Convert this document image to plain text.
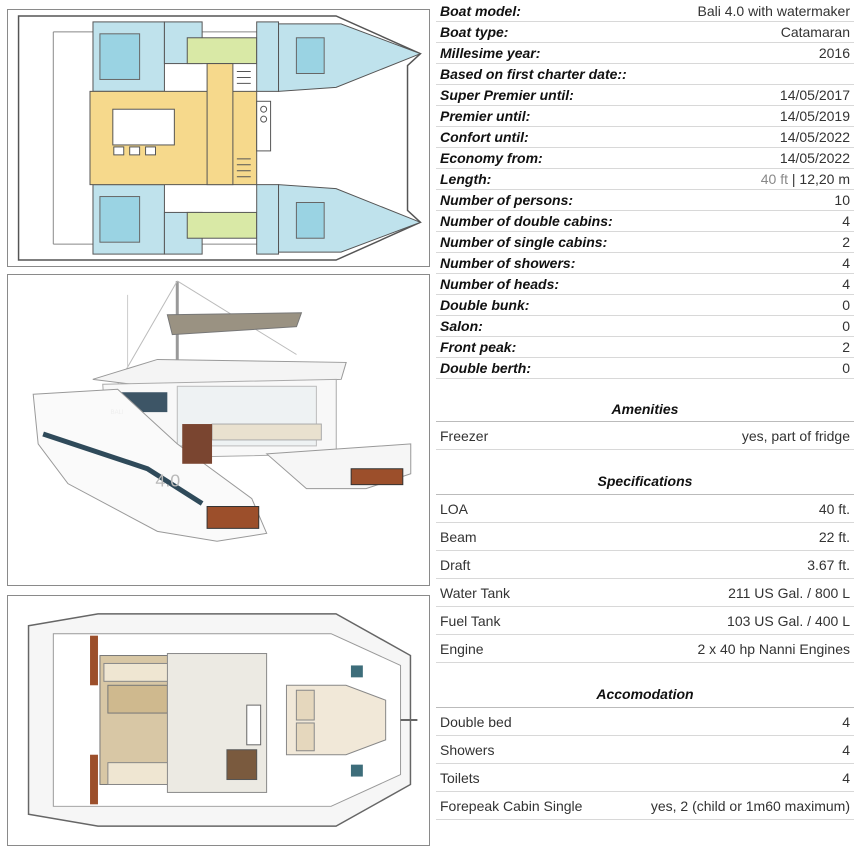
4.0
BALI
Boat model:	Bali 4.0 with watermaker
Boat type:	Catamaran
Millesime year:	2016
Based on first charter date::
Super Premier until:	14/05/2017
Premier until:	14/05/2019
Confort until:	14/05/2022
Economy from:	14/05/2022
Length:	40 ft | 12,20 m
Number of persons:	10
Number of double cabins:	4
Number of single cabins:	2
Number of showers:	4
Number of heads:	4
Double bunk:	0
Salon:	0
Front peak:	2
Double berth:	0
Amenities
Freezer	yes, part of fridge
Specifications
LOA	40 ft.
Beam	22 ft.
Draft	3.67 ft.
Water Tank	211 US Gal. / 800 L
Fuel Tank	103 US Gal. / 400 L
Engine	2 x 40 hp Nanni Engines
Accomodation
Double bed	4
Showers	4
Toilets	4
Forepeak Cabin Single	yes, 2 (child or 1m60 maximum)
